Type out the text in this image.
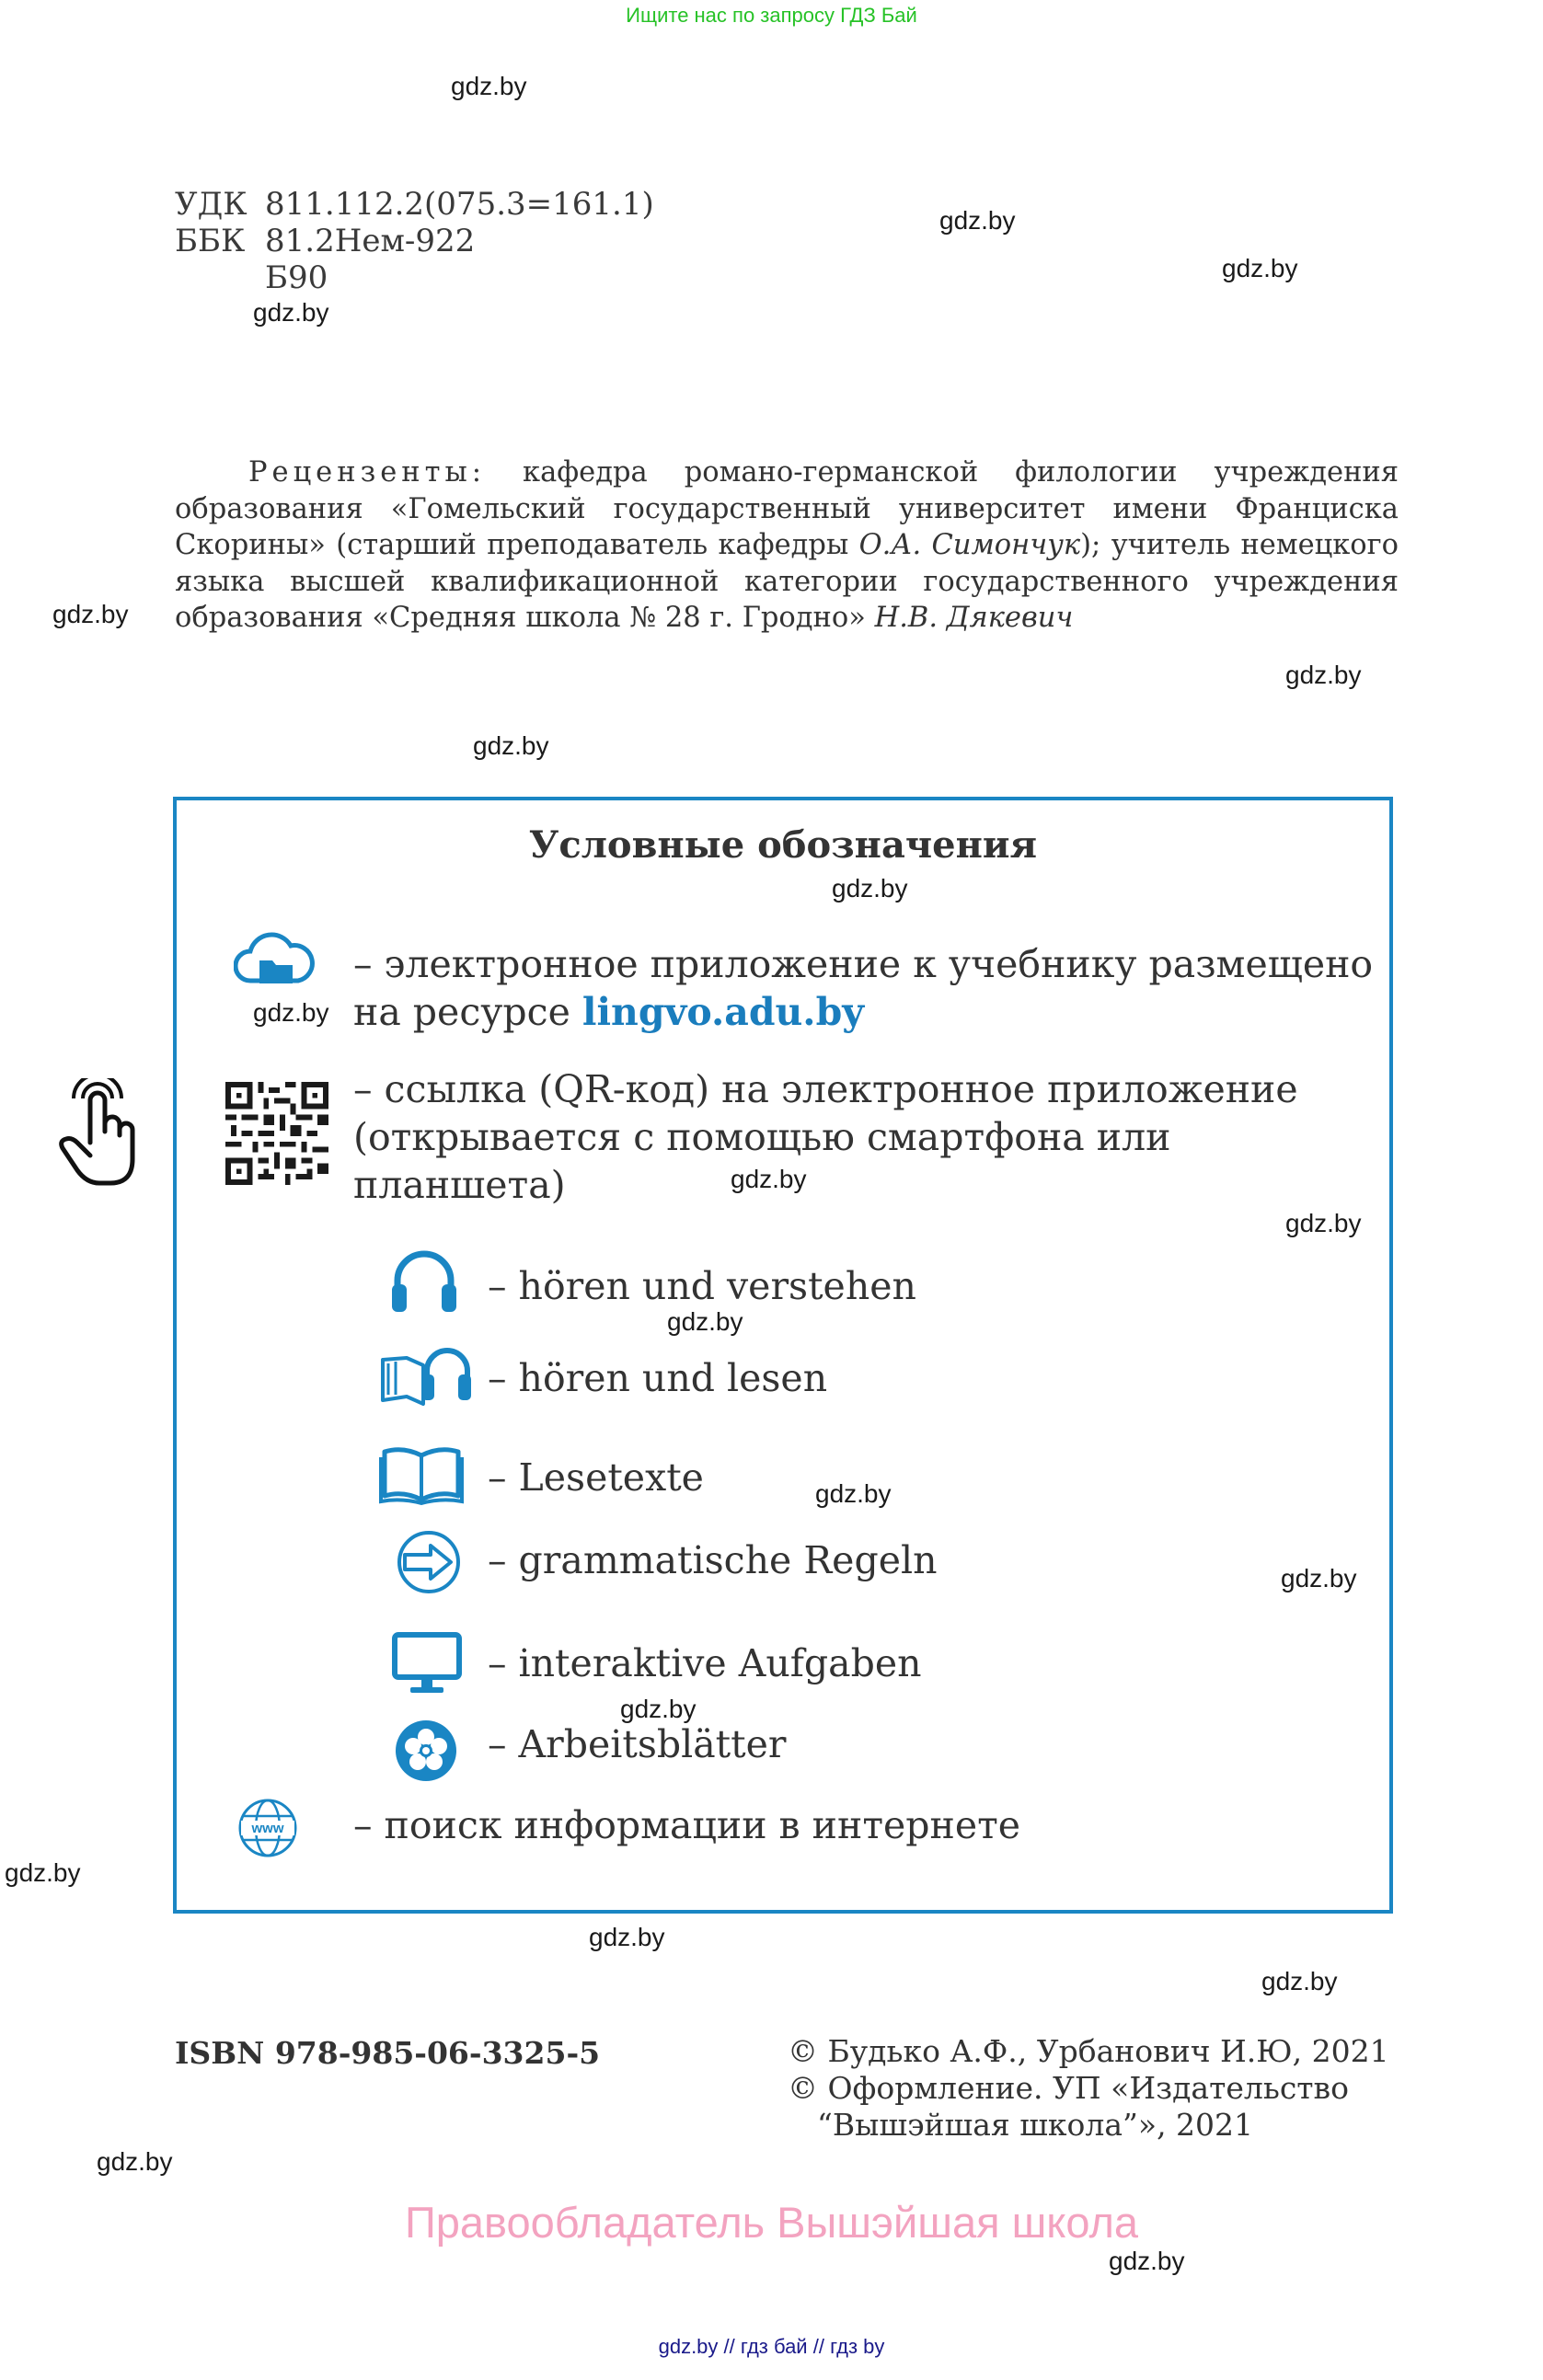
Ищите нас по запросу ГДЗ Бай
gdz.by
gdz.by
gdz.by
gdz.by
gdz.by
gdz.by
gdz.by
gdz.by
gdz.by
gdz.by
gdz.by
gdz.by
gdz.by
gdz.by
gdz.by
gdz.by
gdz.by
gdz.by
gdz.by
gdz.by
УДК 811.112.2(075.3=161.1)
ББК 81.2Нем-922
Б90
Рецензенты: кафедра романо-германской филологии учреждения образования «Гомельский государственный университет имени Франциска Скорины» (старший преподаватель кафедры О.А. Симончук); учитель немецкого языка высшей квалификационной категории государственного учреждения образования «Средняя школа № 28 г. Гродно» Н.В. Дякевич
Условные обозначения
– электронное приложение к учебнику размещено
на ресурсе lingvo.adu.by
– ссылка (QR-код) на электронное приложение
(открывается с помощью смартфона или
планшета)
– hören und verstehen
– hören und lesen
– Lesetexte
– grammatische Regeln
– interaktive Aufgaben
– Arbeitsblätter
www – поиск информации в интернете
ISBN 978-985-06-3325-5	© Будько А.Ф., Урбанович И.Ю, 2021
© Оформление. УП «Издательство
“Вышэйшая школа”», 2021
Правообладатель Вышэйшая школа
gdz.by // гдз бай // гдз by
